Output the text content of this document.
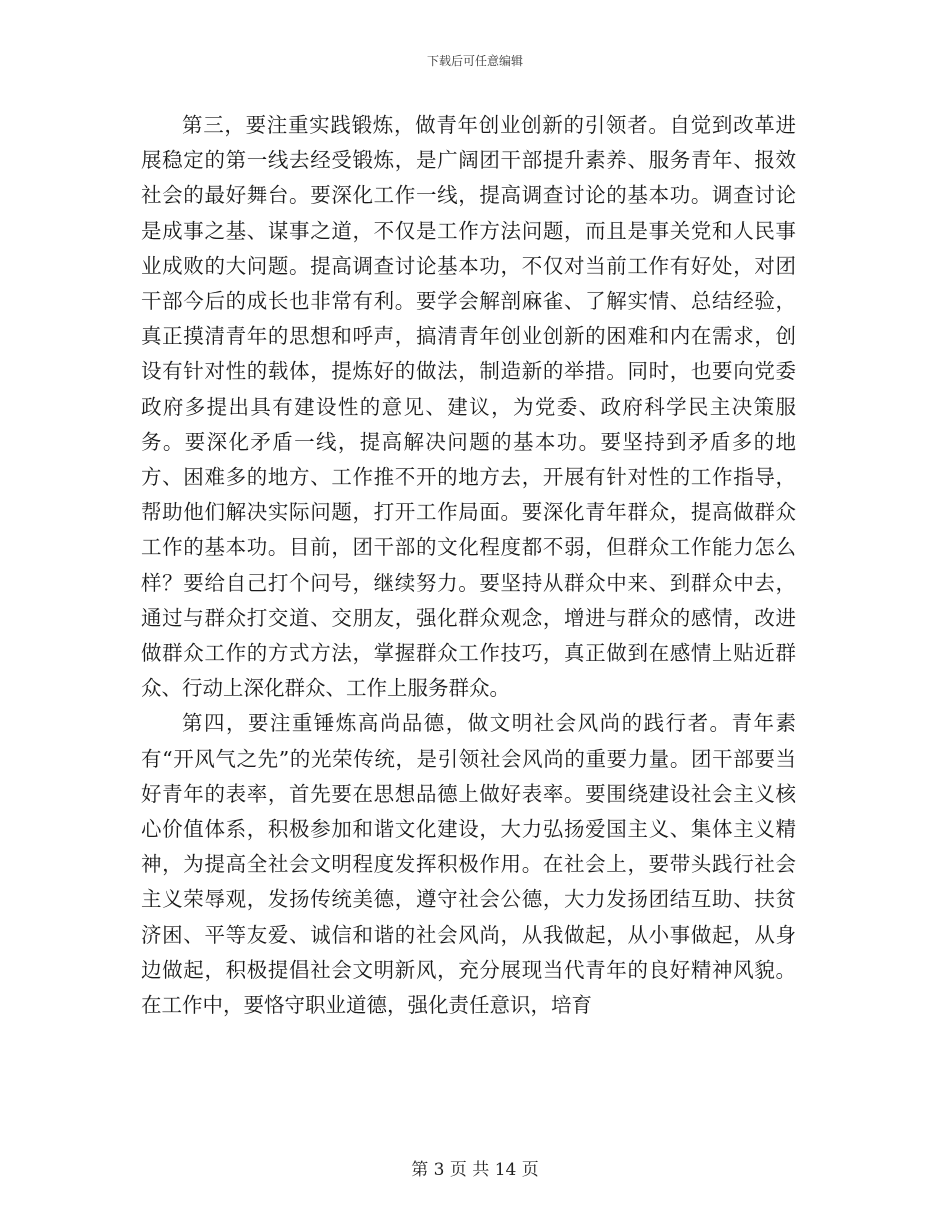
下载后可任意编辑

第三，要注重实践锻炼，做青年创业创新的引领者。自觉到改革进展稳定的第一线去经受锻炼，是广阔团干部提升素养、服务青年、报效社会的最好舞台。要深化工作一线，提高调查讨论的基本功。调查讨论是成事之基、谋事之道，不仅是工作方法问题，而且是事关党和人民事业成败的大问题。提高调查讨论基本功，不仅对当前工作有好处，对团干部今后的成长也非常有利。要学会解剖麻雀、了解实情、总结经验，真正摸清青年的思想和呼声，搞清青年创业创新的困难和内在需求，创设有针对性的载体，提炼好的做法，制造新的举措。同时，也要向党委政府多提出具有建设性的意见、建议，为党委、政府科学民主决策服务。要深化矛盾一线，提高解决问题的基本功。要坚持到矛盾多的地方、困难多的地方、工作推不开的地方去，开展有针对性的工作指导，帮助他们解决实际问题，打开工作局面。要深化青年群众，提高做群众工作的基本功。目前，团干部的文化程度都不弱，但群众工作能力怎么样？要给自己打个问号，继续努力。要坚持从群众中来、到群众中去，通过与群众打交道、交朋友，强化群众观念，增进与群众的感情，改进做群众工作的方式方法，掌握群众工作技巧，真正做到在感情上贴近群众、行动上深化群众、工作上服务群众。

第四，要注重锤炼高尚品德，做文明社会风尚的践行者。青年素有“开风气之先”的光荣传统，是引领社会风尚的重要力量。团干部要当好青年的表率，首先要在思想品德上做好表率。要围绕建设社会主义核心价值体系，积极参加和谐文化建设，大力弘扬爱国主义、集体主义精神，为提高全社会文明程度发挥积极作用。在社会上，要带头践行社会主义荣辱观，发扬传统美德，遵守社会公德，大力发扬团结互助、扶贫济困、平等友爱、诚信和谐的社会风尚，从我做起，从小事做起，从身边做起，积极提倡社会文明新风，充分展现当代青年的良好精神风貌。在工作中，要恪守职业道德，强化责任意识，培育

第 3 页 共 14 页
